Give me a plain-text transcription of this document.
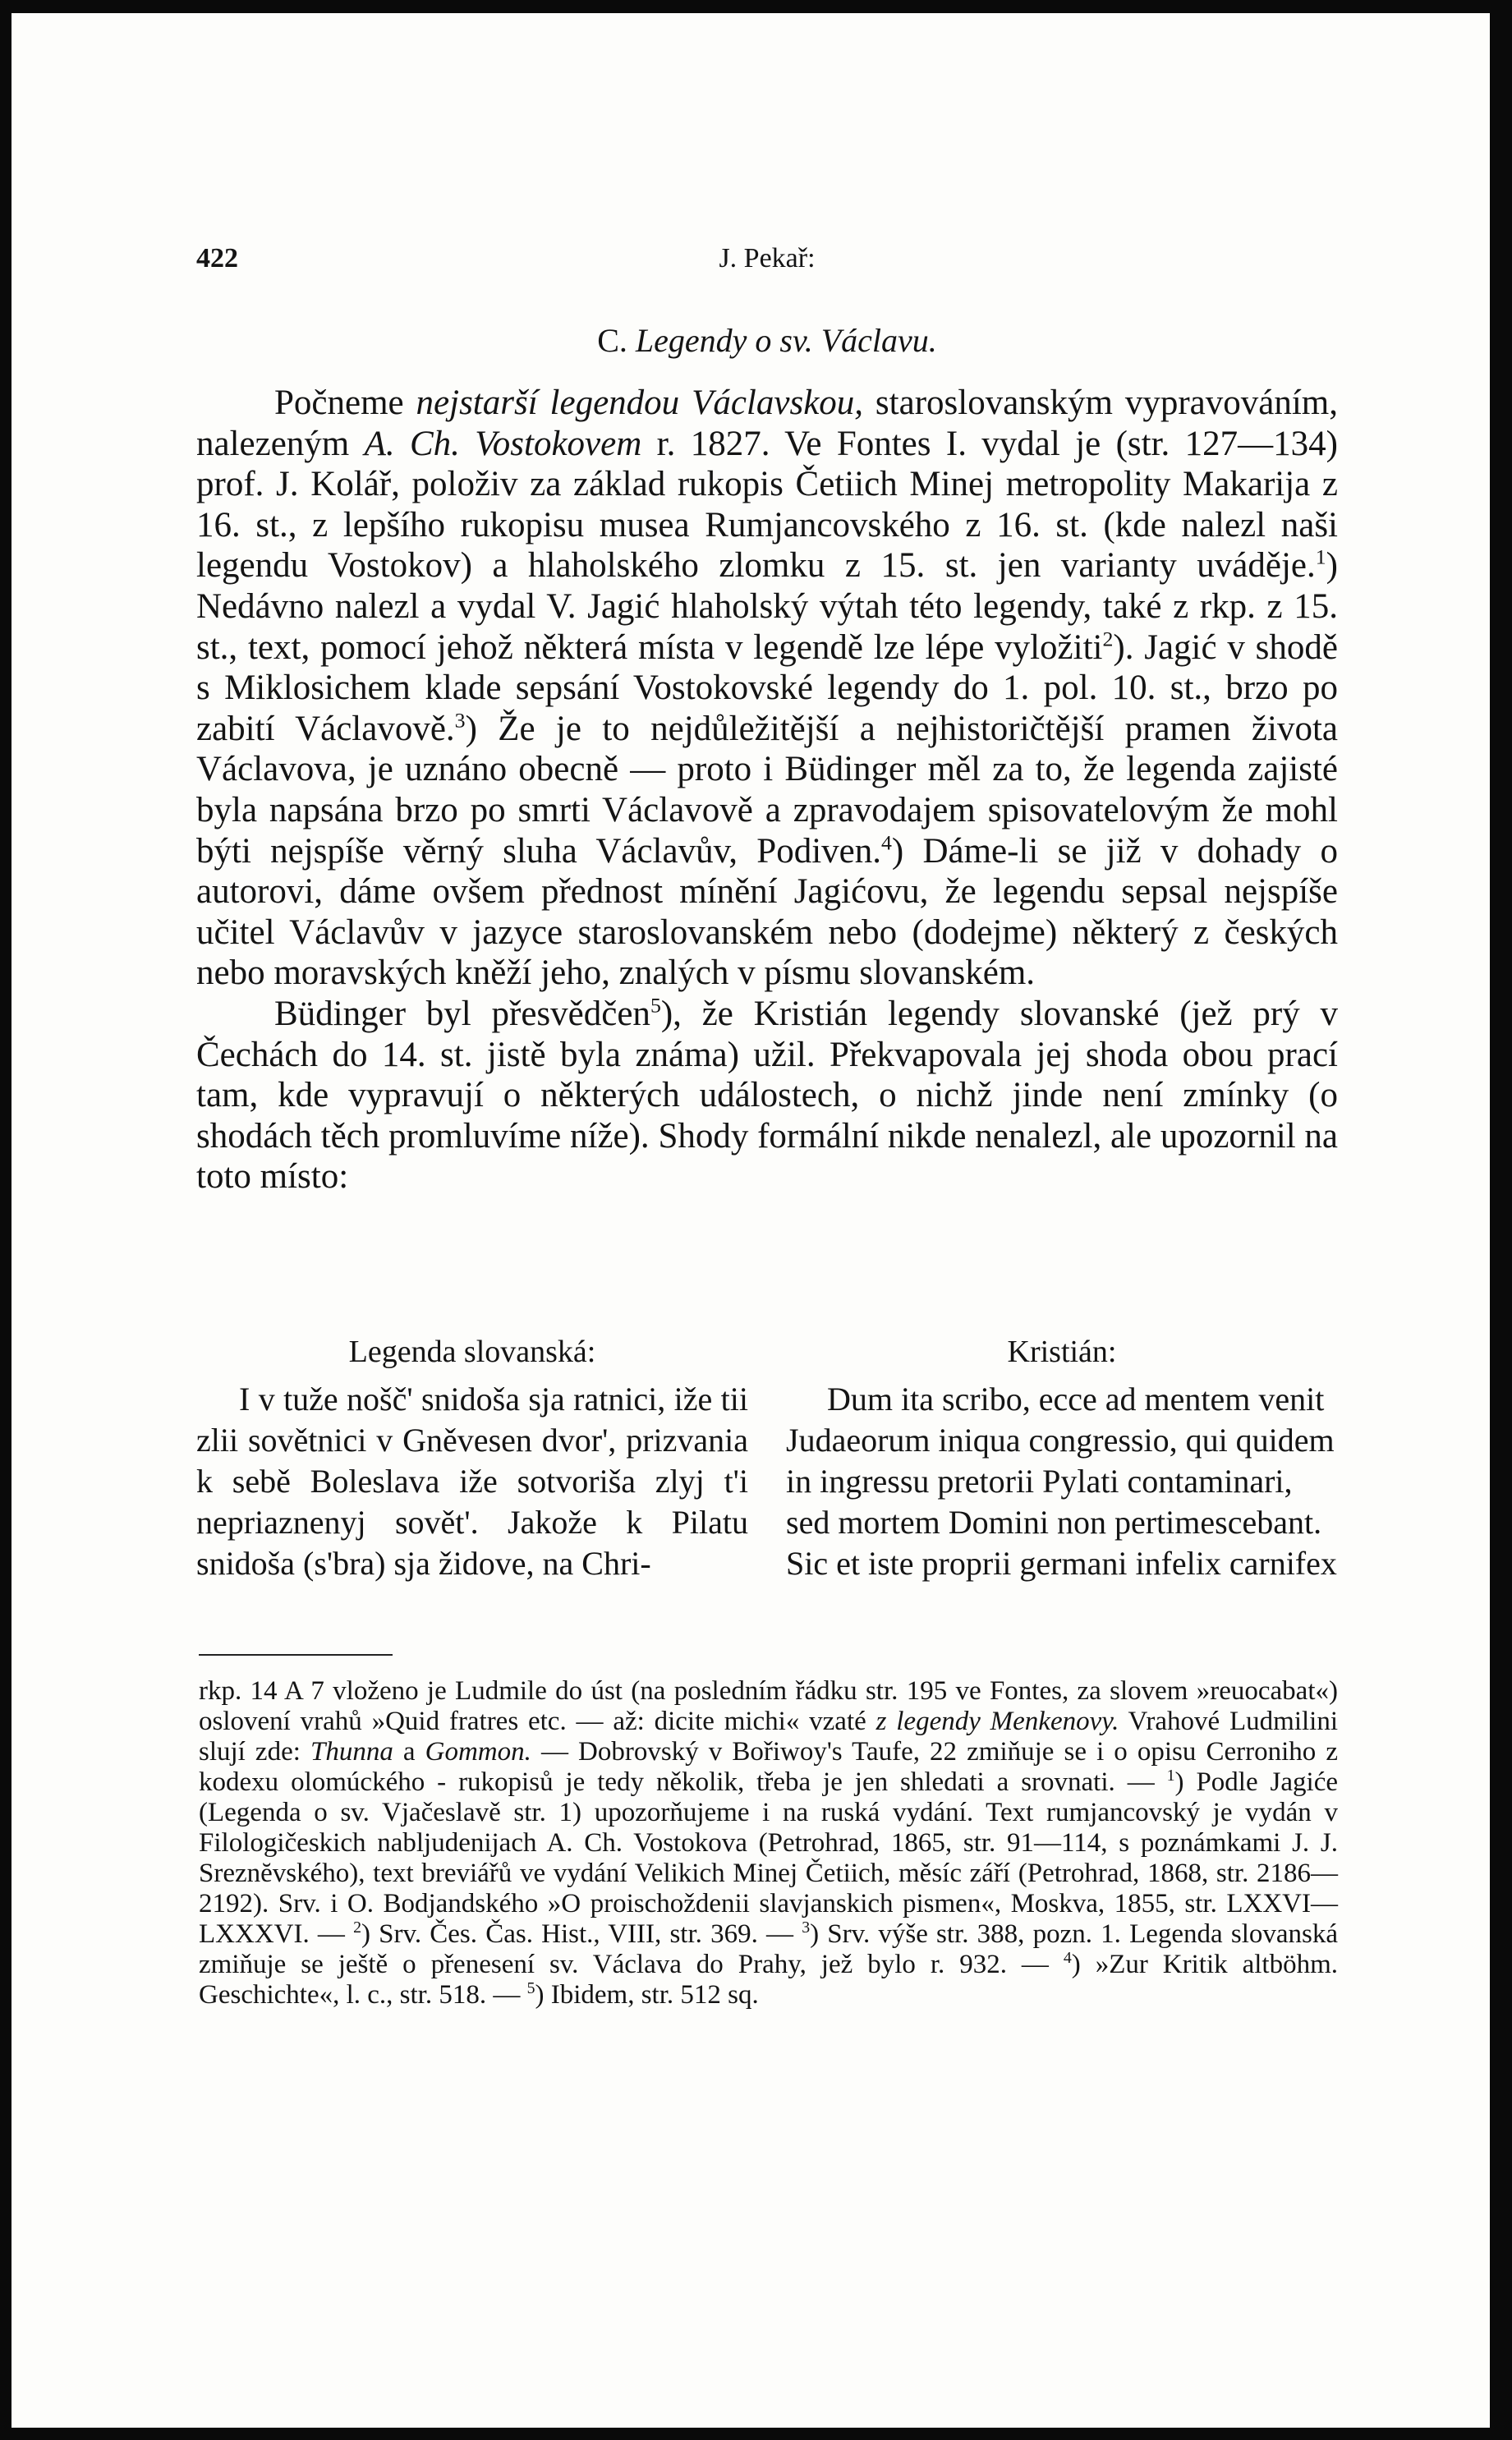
422	J. Pekař:
C. Legendy o sv. Václavu.

Počneme nejstarší legendou Václavskou, staroslovanským vypravováním, nalezeným A. Ch. Vostokovem r. 1827. Ve Fontes I. vydal je (str. 127—134) prof. J. Kolář, položiv za základ rukopis Četiich Minej metropolity Makarija z 16. st., z lepšího rukopisu musea Rumjancovského z 16. st. (kde nalezl naši legendu Vostokov) a hlaholského zlomku z 15. st. jen varianty uváděje.$^1$) Nedávno nalezl a vydal V. Jagić hlaholský výtah této legendy, také z rkp. z 15. st., text, pomocí jehož některá místa v legendě lze lépe vyložiti$^2$). Jagić v shodě s Miklosichem klade sepsání Vostokovské legendy do 1. pol. 10. st., brzo po zabití Václavově.$^3$) Že je to nejdůležitější a nejhistoričtější pramen života Václavova, je uznáno obecně — proto i Büdinger měl za to, že legenda zajisté byla napsána brzo po smrti Václavově a zpravodajem spisovatelovým že mohl býti nejspíše věrný sluha Václavův, Podiven.$^4$) Dáme-li se již v dohady o autorovi, dáme ovšem přednost mínění Jagićovu, že legendu sepsal nejspíše učitel Václavův v jazyce staroslovanském nebo (dodejme) některý z českých nebo moravských kněží jeho, znalých v písmu slovanském.

Büdinger byl přesvědčen$^5$), že Kristián legendy slovanské (jež prý v Čechách do 14. st. jistě byla známa) užil. Překvapovala jej shoda obou prací tam, kde vypravují o některých událostech, o nichž jinde není zmínky (o shodách těch promluvíme níže). Shody formální nikde nenalezl, ale upozornil na toto místo:

Legenda slovanská:	Kristián:

I v tuže nošč' snidoša sja ratnici, iže tii zlii sovětnici v Gněvesen dvor', prizvania k sebě Boleslava iže sotvoriša zlyj t'i nepriaznenyj sovět'. Jakože k Pilatu snidoša (s'bra) sja židove, na Chri-

Dum ita scribo, ecce ad mentem venit Judaeorum iniqua congressio, qui quidem in ingressu pretorii Pylati contaminari, sed mortem Domini non pertimescebant. Sic et iste proprii germani infelix carnifex

rkp. 14 A 7 vloženo je Ludmile do úst (na posledním řádku str. 195 ve Fontes, za slovem »reuocabat«) oslovení vrahů »Quid fratres etc. — až: dicite michi« vzaté z legendy Menkenovy. Vrahové Ludmilini slují zde: Thunna a Gommon. — Dobrovský v Bořiwoy's Taufe, 22 zmiňuje se i o opisu Cerroniho z kodexu olomúckého - rukopisů je tedy několik, třeba je jen shledati a srovnati. — $^1$) Podle Jagiće (Legenda o sv. Vjačeslavě str. 1) upozorňujeme i na ruská vydání. Text rumjancovský je vydán v Filologičeskich nabljudenijach A. Ch. Vostokova (Petrohrad, 1865, str. 91—114, s poznámkami J. J. Sreznĕvského), text breviářů ve vydání Velikich Minej Četiich, měsíc září (Petrohrad, 1868, str. 2186—2192). Srv. i O. Bodjandského »O proischoždenii slavjanskich pismen«, Moskva, 1855, str. LXXVI—LXXXVI. — $^2$) Srv. Čes. Čas. Hist., VIII, str. 369. — $^3$) Srv. výše str. 388, pozn. 1. Legenda slovanská zmiňuje se ještě o přenesení sv. Václava do Prahy, jež bylo r. 932. — $^4$) »Zur Kritik altböhm. Geschichte«, l. c., str. 518. — $^5$) Ibidem, str. 512 sq.
